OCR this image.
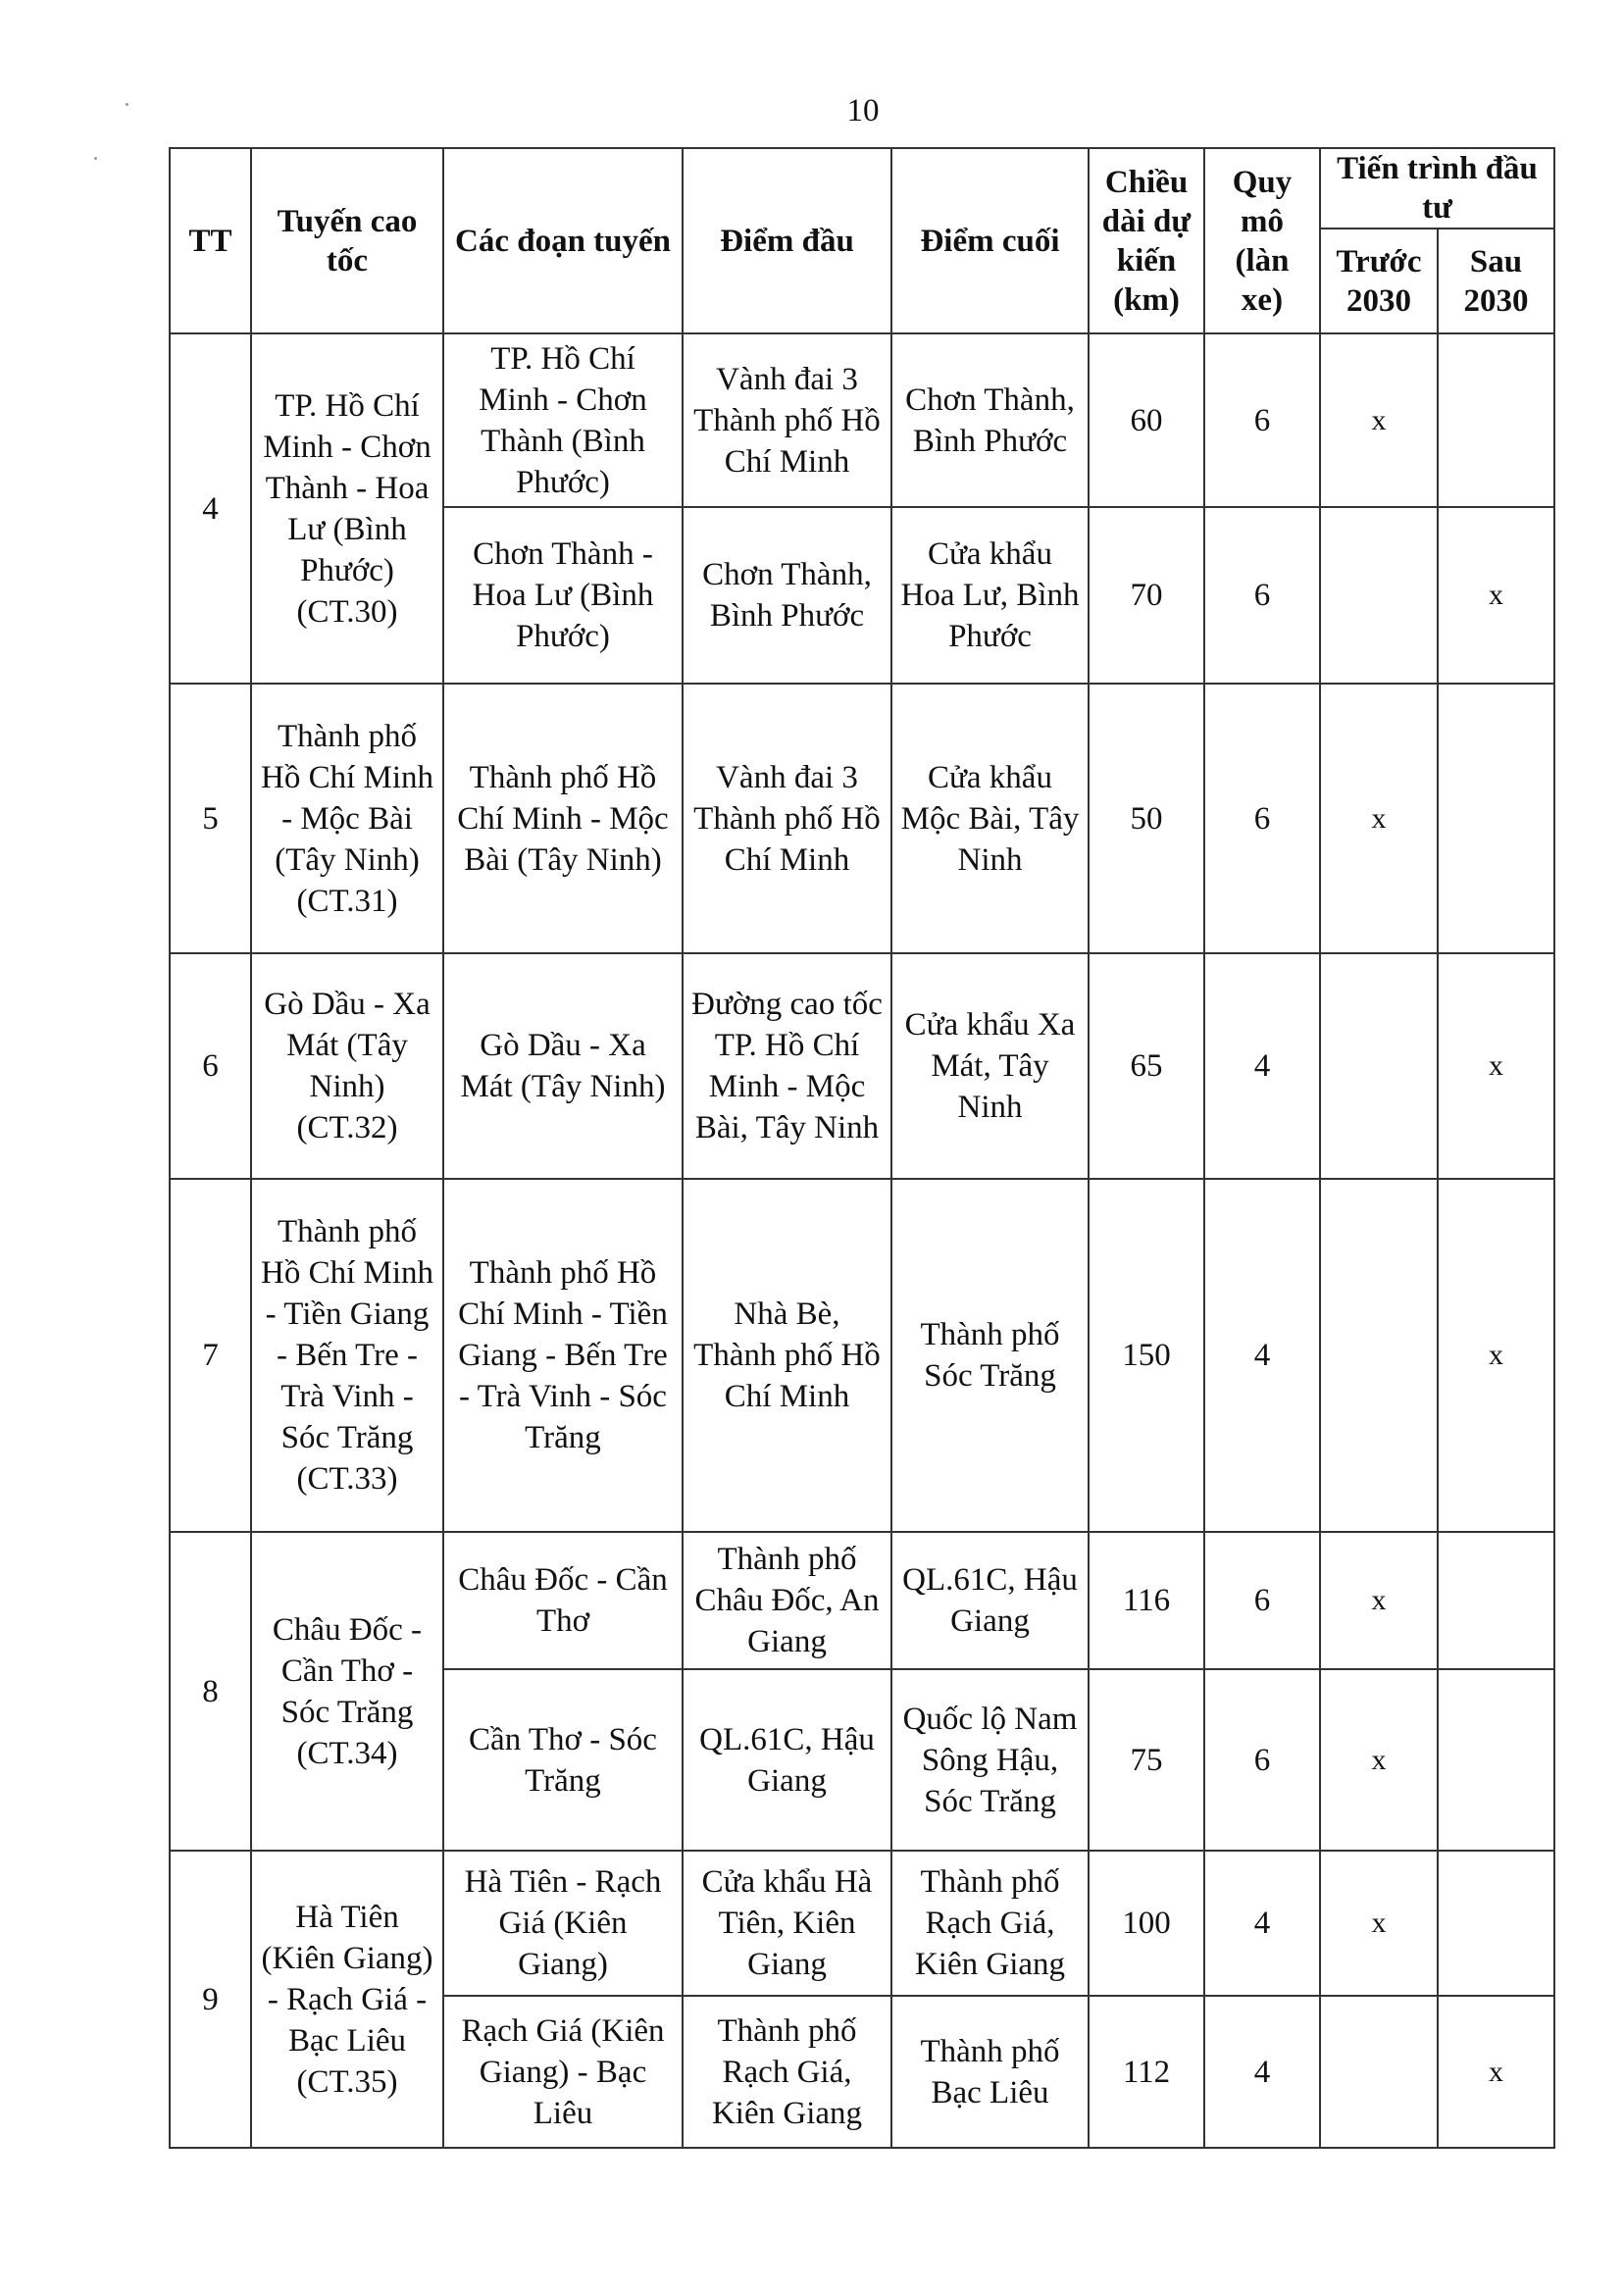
10
TT	Tuyến cao tốc	Các đoạn tuyến	Điểm đầu	Điểm cuối	Chiều dài dự kiến (km)	Quy mô (làn xe)	Tiến trình đầu tư	
							Trước 2030	Sau 2030
4	TP. Hồ Chí Minh - Chơn Thành - Hoa Lư (Bình Phước) (CT.30)	TP. Hồ Chí Minh - Chơn Thành (Bình Phước)	Vành đai 3 Thành phố Hồ Chí Minh	Chơn Thành, Bình Phước	60	6	x	
		Chơn Thành - Hoa Lư (Bình Phước)	Chơn Thành, Bình Phước	Cửa khẩu Hoa Lư, Bình Phước	70	6		x
5	Thành phố Hồ Chí Minh - Mộc Bài (Tây Ninh) (CT.31)	Thành phố Hồ Chí Minh - Mộc Bài (Tây Ninh)	Vành đai 3 Thành phố Hồ Chí Minh	Cửa khẩu Mộc Bài, Tây Ninh	50	6	x	
6	Gò Dầu - Xa Mát (Tây Ninh) (CT.32)	Gò Dầu - Xa Mát (Tây Ninh)	Đường cao tốc TP. Hồ Chí Minh - Mộc Bài, Tây Ninh	Cửa khẩu Xa Mát, Tây Ninh	65	4		x
7	Thành phố Hồ Chí Minh - Tiền Giang - Bến Tre - Trà Vinh - Sóc Trăng (CT.33)	Thành phố Hồ Chí Minh - Tiền Giang - Bến Tre - Trà Vinh - Sóc Trăng	Nhà Bè, Thành phố Hồ Chí Minh	Thành phố Sóc Trăng	150	4		x
8	Châu Đốc - Cần Thơ - Sóc Trăng (CT.34)	Châu Đốc - Cần Thơ	Thành phố Châu Đốc, An Giang	QL.61C, Hậu Giang	116	6	x	
		Cần Thơ - Sóc Trăng	QL.61C, Hậu Giang	Quốc lộ Nam Sông Hậu, Sóc Trăng	75	6	x	
9	Hà Tiên (Kiên Giang) - Rạch Giá - Bạc Liêu (CT.35)	Hà Tiên - Rạch Giá (Kiên Giang)	Cửa khẩu Hà Tiên, Kiên Giang	Thành phố Rạch Giá, Kiên Giang	100	4	x	
		Rạch Giá (Kiên Giang) - Bạc Liêu	Thành phố Rạch Giá, Kiên Giang	Thành phố Bạc Liêu	112	4		x
